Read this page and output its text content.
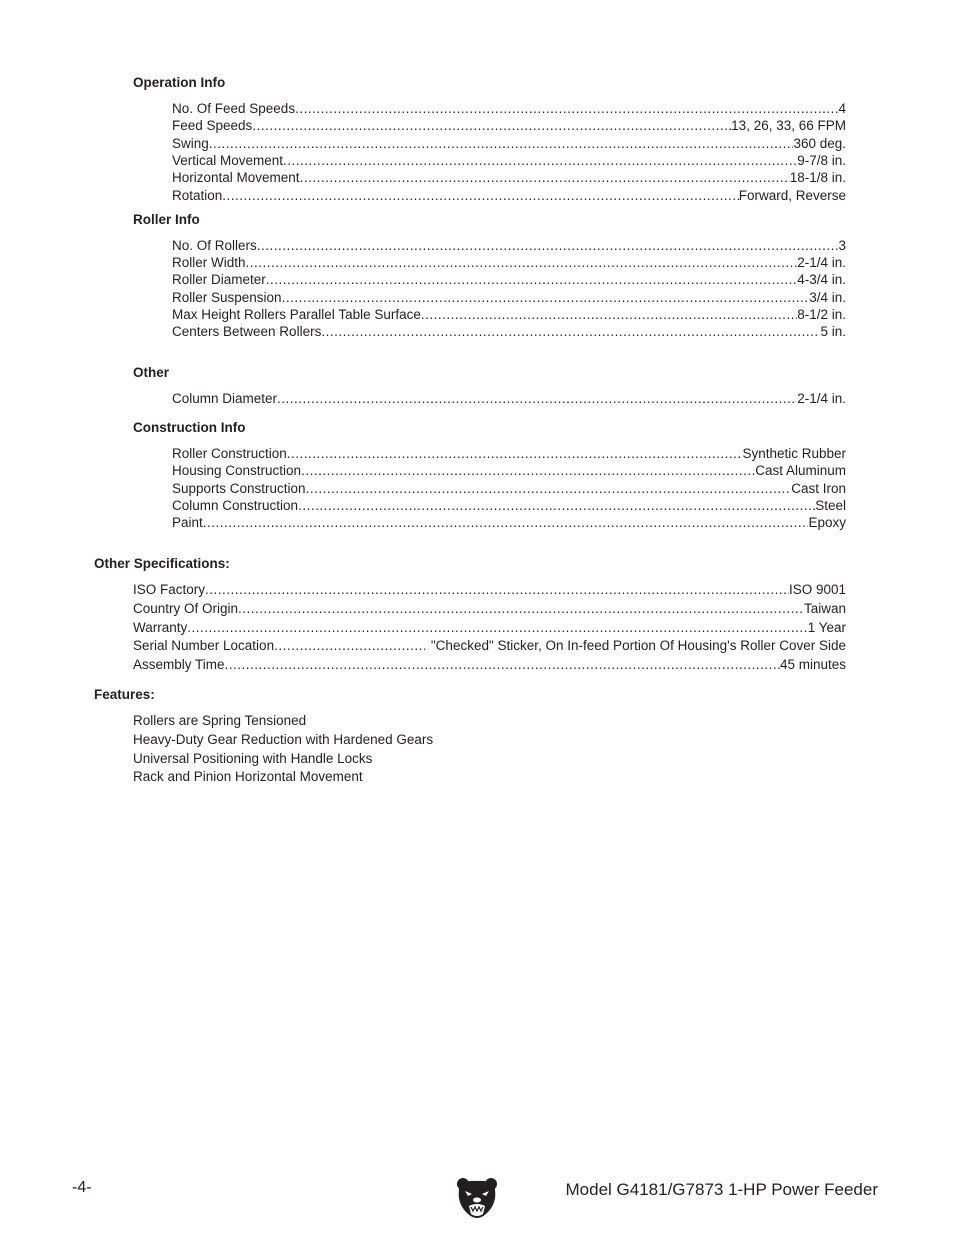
Operation Info
No. Of Feed Speeds .....	4
Feed Speeds .....	13, 26, 33, 66 FPM
Swing .....	360 deg.
Vertical Movement .....	9-7/8 in.
Horizontal Movement .....	18-1/8 in.
Rotation .....	Forward, Reverse
Roller Info
No. Of Rollers .....	3
Roller Width .....	2-1/4 in.
Roller Diameter .....	4-3/4 in.
Roller Suspension .....	3/4 in.
Max Height Rollers Parallel Table Surface .....	8-1/2 in.
Centers Between Rollers .....	5 in.
Other
Column Diameter .....	2-1/4 in.
Construction Info
Roller Construction .....	Synthetic Rubber
Housing Construction .....	Cast Aluminum
Supports Construction .....	Cast Iron
Column Construction .....	Steel
Paint .....	Epoxy
Other Specifications:
ISO Factory .....	ISO 9001
Country Of Origin .....	Taiwan
Warranty .....	1 Year
Serial Number Location .....	"Checked" Sticker, On In-feed Portion Of Housing's Roller Cover Side
Assembly Time .....	45 minutes
Features:
Rollers are Spring Tensioned
Heavy-Duty Gear Reduction with Hardened Gears
Universal Positioning with Handle Locks
Rack and Pinion Horizontal Movement
-4-	Model G4181/G7873 1-HP Power Feeder
